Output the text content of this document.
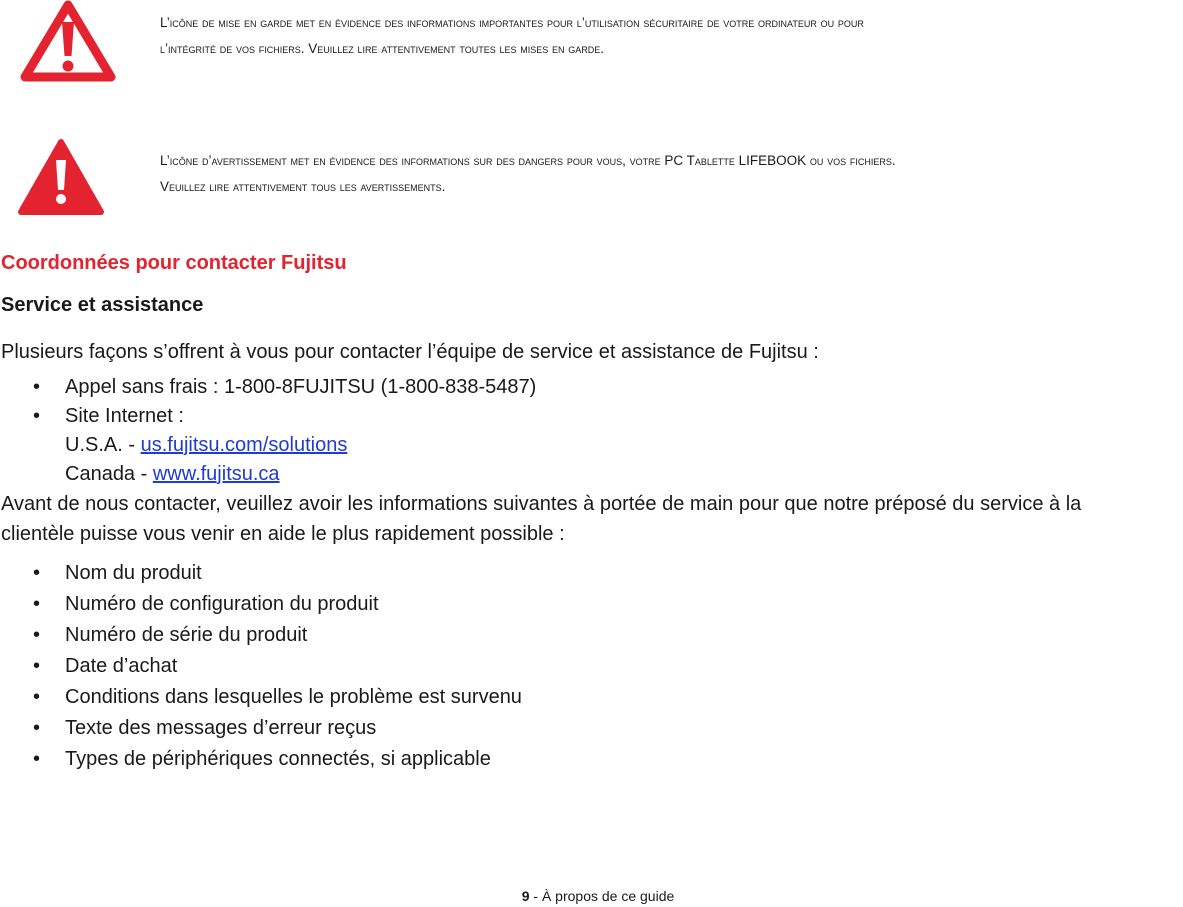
L’icône de mise en garde met en évidence des informations importantes pour l’utilisation sécuritaire de votre ordinateur ou pour
l’intégrité de vos fichiers. Veuillez lire attentivement toutes les mises en garde.
L’icône d’avertissement met en évidence des informations sur des dangers pour vous, votre PC Tablette LIFEBOOK ou vos fichiers.
Veuillez lire attentivement tous les avertissements.
Coordonnées pour contacter Fujitsu
Service et assistance

Plusieurs façons s’offrent à vous pour contacter l’équipe de service et assistance de Fujitsu :

• Appel sans frais : 1-800-8FUJITSU (1-800-838-5487)
• Site Internet :
U.S.A. - us.fujitsu.com/solutions
Canada - www.fujitsu.ca

Avant de nous contacter, veuillez avoir les informations suivantes à portée de main pour que notre préposé du service à la clientèle puisse vous venir en aide le plus rapidement possible :

• Nom du produit
• Numéro de configuration du produit
• Numéro de série du produit
• Date d’achat
• Conditions dans lesquelles le problème est survenu
• Texte des messages d’erreur reçus
• Types de périphériques connectés, si applicable
9 - À propos de ce guide
